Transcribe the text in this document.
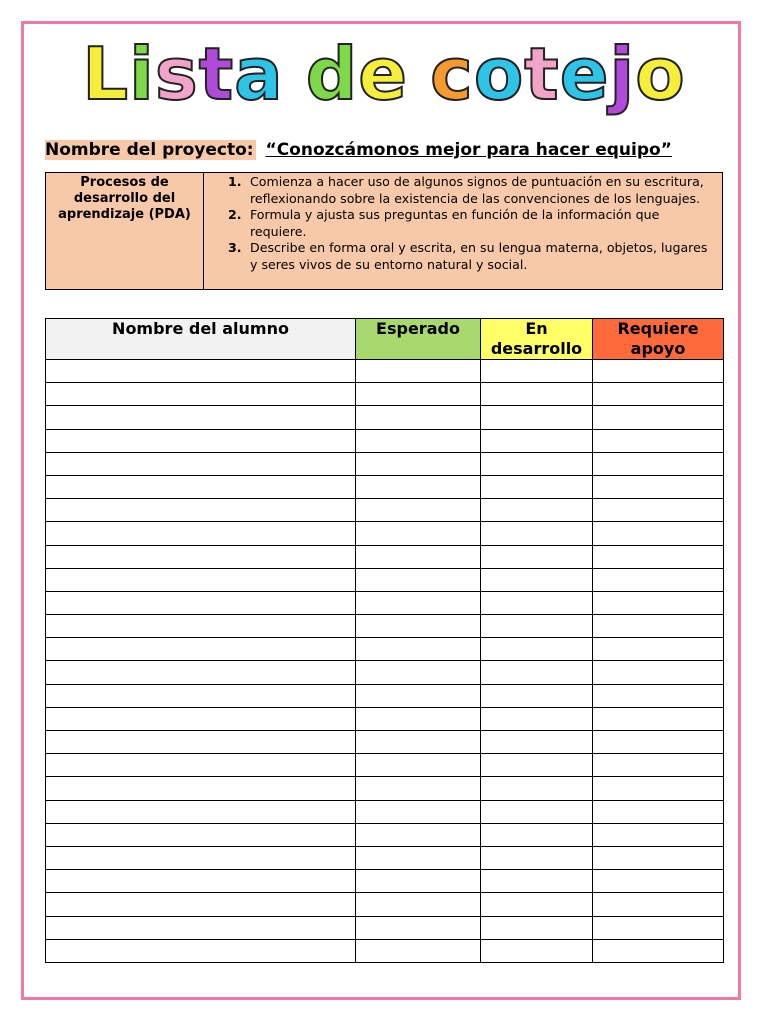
Lista de cotejo
Nombre del proyecto: “Conozcámonos mejor para hacer equipo”
Procesos de desarrollo del aprendizaje (PDA)
1. Comienza a hacer uso de algunos signos de puntuación en su escritura, reflexionando sobre la existencia de las convenciones de los lenguajes.
2. Formula y ajusta sus preguntas en función de la información que requiere.
3. Describe en forma oral y escrita, en su lengua materna, objetos, lugares y seres vivos de su entorno natural y social.
Nombre del alumno	Esperado	En desarrollo	Requiere apoyo
